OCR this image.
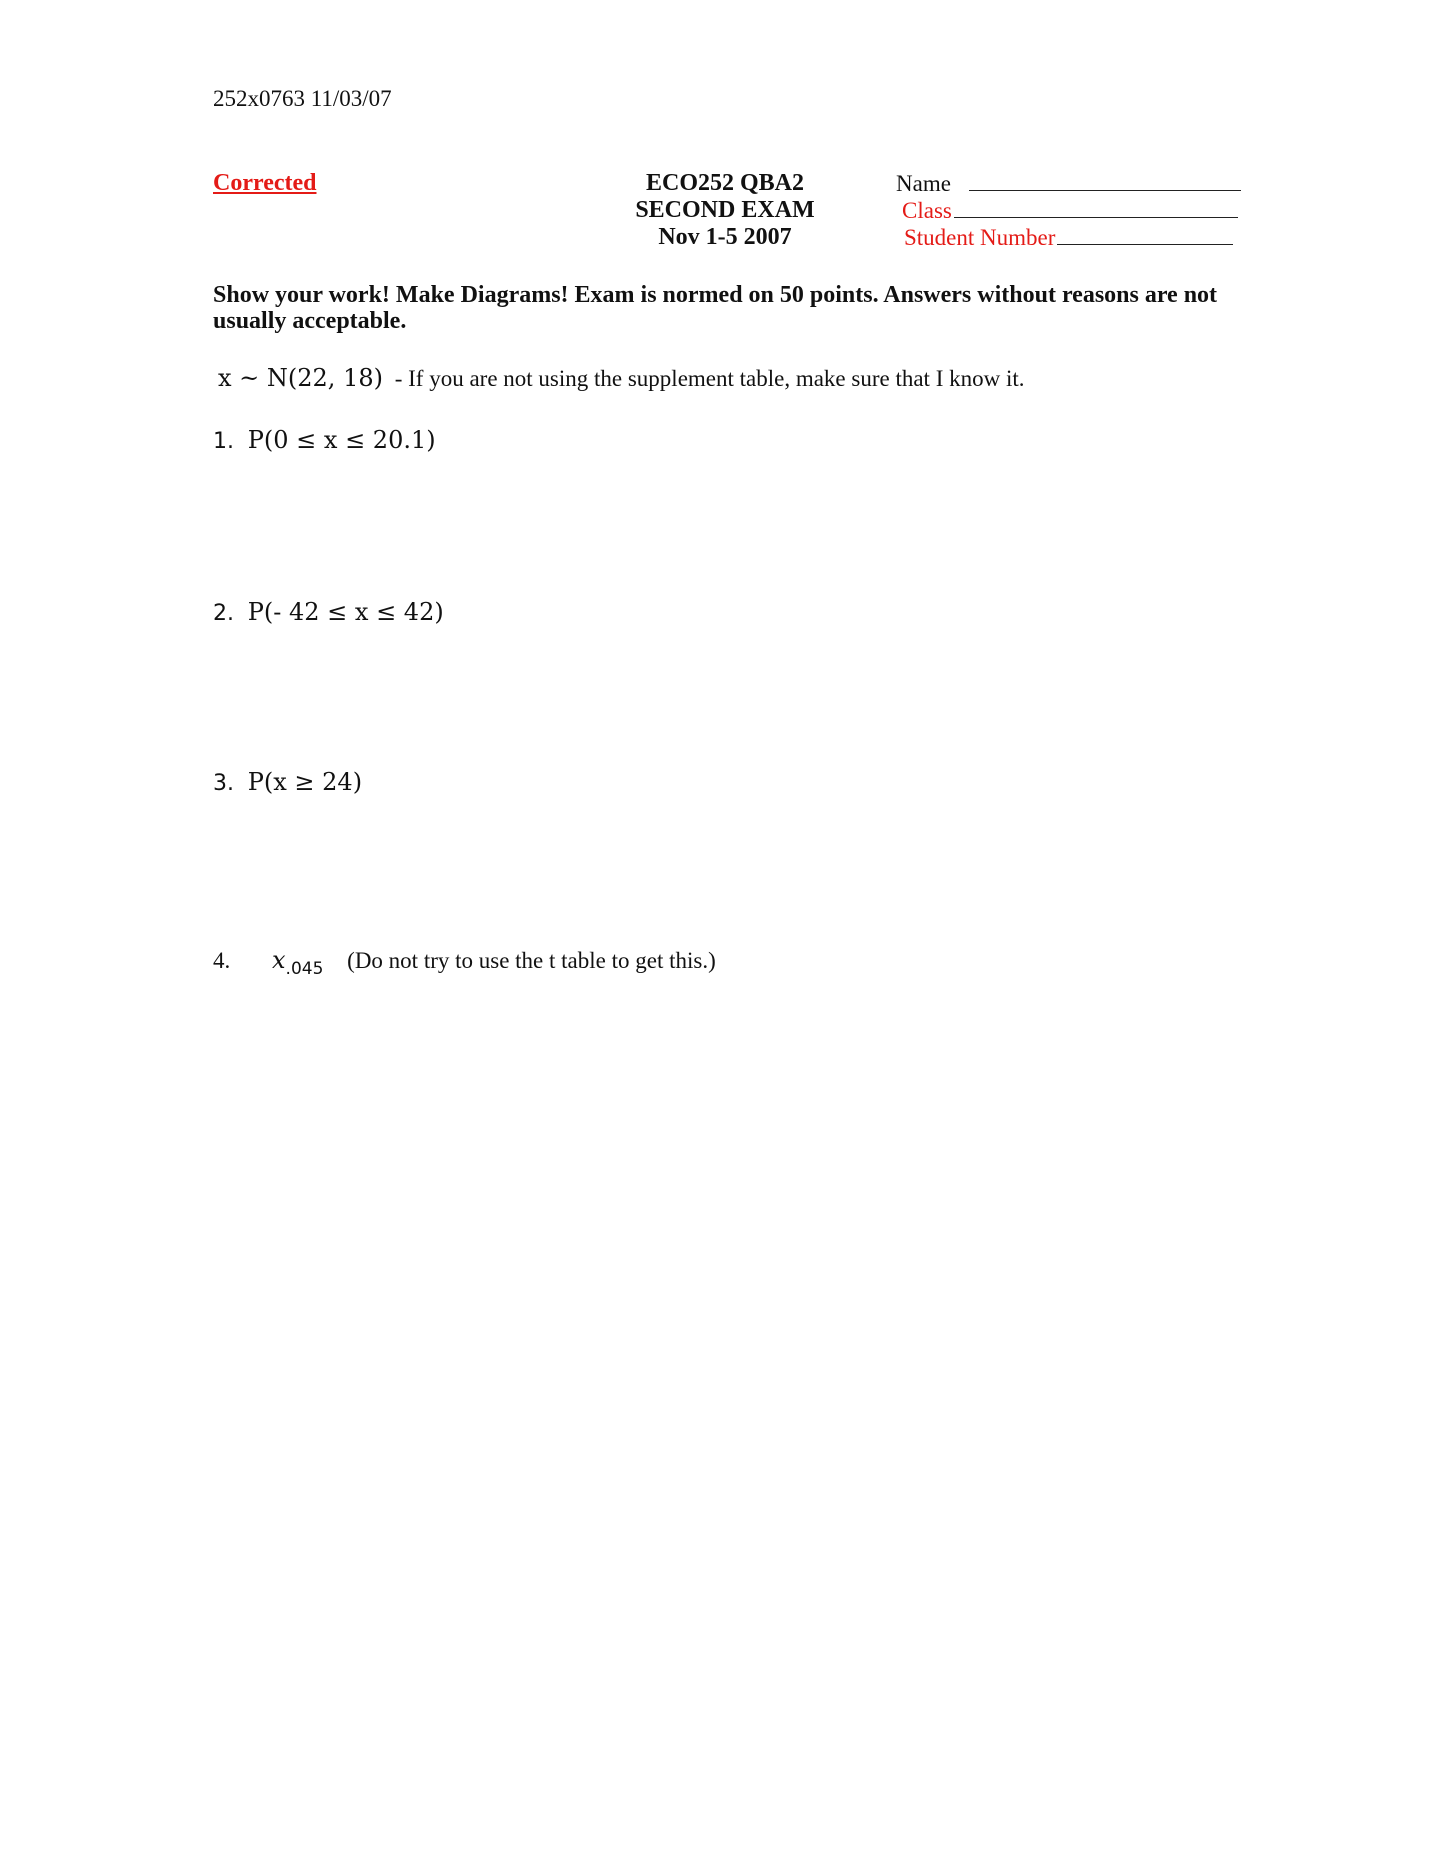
252x0763 11/03/07
Corrected	ECO252 QBA2
SECOND EXAM
Nov 1-5 2007
Name
Class
Student Number
Show your work! Make Diagrams! Exam is normed on 50 points. Answers without reasons are not usually acceptable.
x ~ N(22, 18) - If you are not using the supplement table, make sure that I know it.
1. P(0 ≤ x ≤ 20.1)
2. P(- 42 ≤ x ≤ 42)
3. P(x ≥ 24)
4. $x_{.045}$ (Do not try to use the t table to get this.)
